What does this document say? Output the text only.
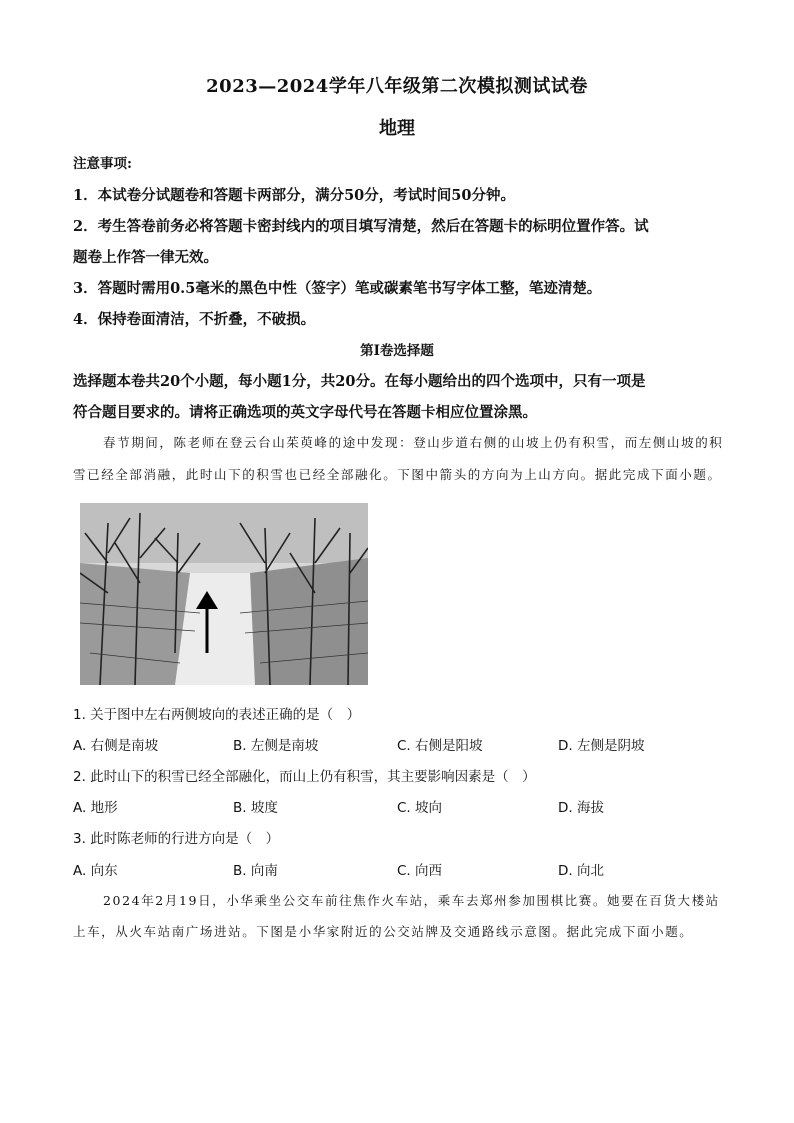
2023—2024学年八年级第二次模拟测试试卷
地理
注意事项:
1．本试卷分试题卷和答题卡两部分，满分50分，考试时间50分钟。
2．考生答卷前务必将答题卡密封线内的项目填写清楚，然后在答题卡的标明位置作答。试
题卷上作答一律无效。
3．答题时需用0.5毫米的黑色中性（签字）笔或碳素笔书写字体工整，笔迹清楚。
4．保持卷面清洁，不折叠，不破损。
第I卷选择题
选择题本卷共20个小题，每小题1分，共20分。在每小题给出的四个选项中，只有一项是
符合题目要求的。请将正确选项的英文字母代号在答题卡相应位置涂黑。
春节期间，陈老师在登云台山茱萸峰的途中发现：登山步道右侧的山坡上仍有积雪，而左侧山坡的积
雪已经全部消融，此时山下的积雪也已经全部融化。下图中箭头的方向为上山方向。据此完成下面小题。
1. 关于图中左右两侧坡向的表述正确的是（　）
A. 右侧是南坡	B. 左侧是南坡	C. 右侧是阳坡	D. 左侧是阴坡
2. 此时山下的积雪已经全部融化，而山上仍有积雪，其主要影响因素是（　）
A. 地形	B. 坡度	C. 坡向	D. 海拔
3. 此时陈老师的行进方向是（　）
A. 向东	B. 向南	C. 向西	D. 向北
2024年2月19日，小华乘坐公交车前往焦作火车站，乘车去郑州参加围棋比赛。她要在百货大楼站
上车，从火车站南广场进站。下图是小华家附近的公交站牌及交通路线示意图。据此完成下面小题。
